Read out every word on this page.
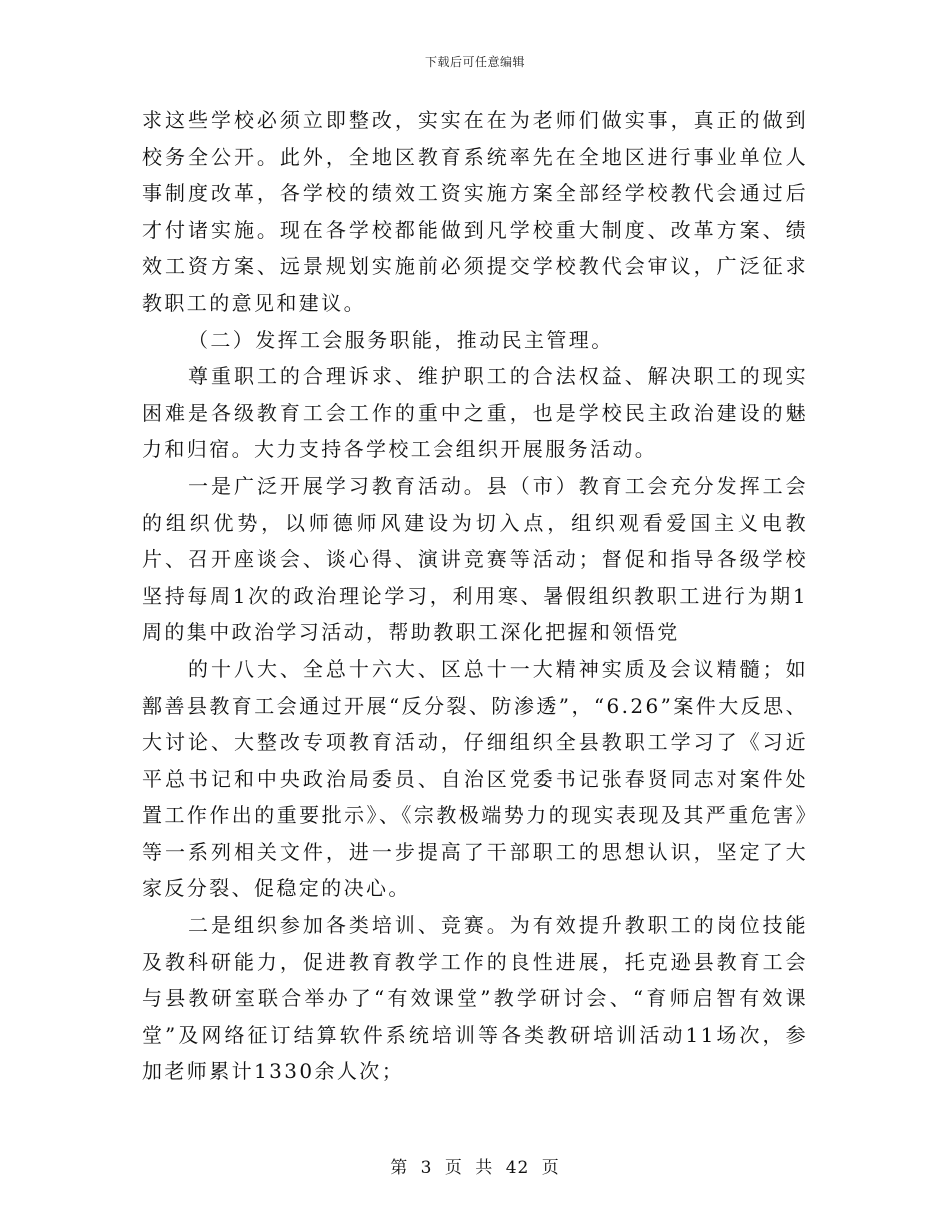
下载后可任意编辑

求这些学校必须立即整改，实实在在为老师们做实事，真正的做到校务全公开。此外，全地区教育系统率先在全地区进行事业单位人事制度改革，各学校的绩效工资实施方案全部经学校教代会通过后才付诸实施。现在各学校都能做到凡学校重大制度、改革方案、绩效工资方案、远景规划实施前必须提交学校教代会审议，广泛征求教职工的意见和建议。

（二）发挥工会服务职能，推动民主管理。

尊重职工的合理诉求、维护职工的合法权益、解决职工的现实困难是各级教育工会工作的重中之重，也是学校民主政治建设的魅力和归宿。大力支持各学校工会组织开展服务活动。

一是广泛开展学习教育活动。县（市）教育工会充分发挥工会的组织优势，以师德师风建设为切入点，组织观看爱国主义电教片、召开座谈会、谈心得、演讲竞赛等活动；督促和指导各级学校坚持每周1次的政治理论学习，利用寒、暑假组织教职工进行为期1周的集中政治学习活动，帮助教职工深化把握和领悟党

的十八大、全总十六大、区总十一大精神实质及会议精髓；如鄯善县教育工会通过开展“反分裂、防渗透”，“6.26”案件大反思、大讨论、大整改专项教育活动，仔细组织全县教职工学习了《习近平总书记和中央政治局委员、自治区党委书记张春贤同志对案件处置工作作出的重要批示》、《宗教极端势力的现实表现及其严重危害》等一系列相关文件，进一步提高了干部职工的思想认识，坚定了大家反分裂、促稳定的决心。

二是组织参加各类培训、竞赛。为有效提升教职工的岗位技能及教科研能力，促进教育教学工作的良性进展，托克逊县教育工会与县教研室联合举办了“有效课堂”教学研讨会、“育师启智有效课堂”及网络征订结算软件系统培训等各类教研培训活动11场次，参加老师累计1330余人次；

第 3 页 共 42 页
